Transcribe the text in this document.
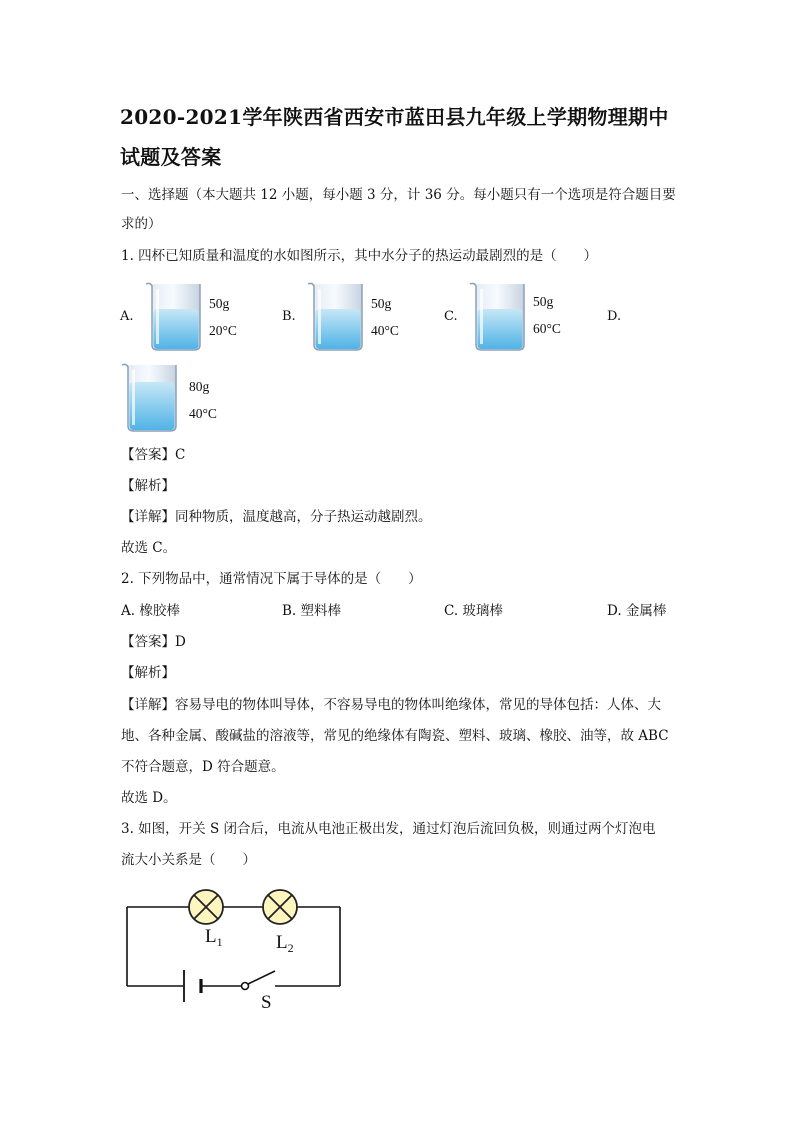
2020-2021学年陕西省西安市蓝田县九年级上学期物理期中
试题及答案
一、选择题（本大题共 12 小题，每小题 3 分，计 36 分。每小题只有一个选项是符合题目要
求的）
1. 四杯已知质量和温度的水如图所示，其中水分子的热运动最剧烈的是（　　）
A.
50g
20°C
B.
50g
40°C
C.
50g
60°C
D.
80g
40°C
【答案】C
【解析】
【详解】同种物质，温度越高，分子热运动越剧烈。
故选 C。
2. 下列物品中，通常情况下属于导体的是（　　）
A. 橡胶棒	B. 塑料棒	C. 玻璃棒	D. 金属棒
【答案】D
【解析】
【详解】容易导电的物体叫导体，不容易导电的物体叫绝缘体，常见的导体包括：人体、大
地、各种金属、酸碱盐的溶液等，常见的绝缘体有陶瓷、塑料、玻璃、橡胶、油等，故 ABC
不符合题意，D 符合题意。
故选 D。
3. 如图，开关 S 闭合后，电流从电池正极出发，通过灯泡后流回负极，则通过两个灯泡电
流大小关系是（　　）
$L_1$	$L_2$
S
